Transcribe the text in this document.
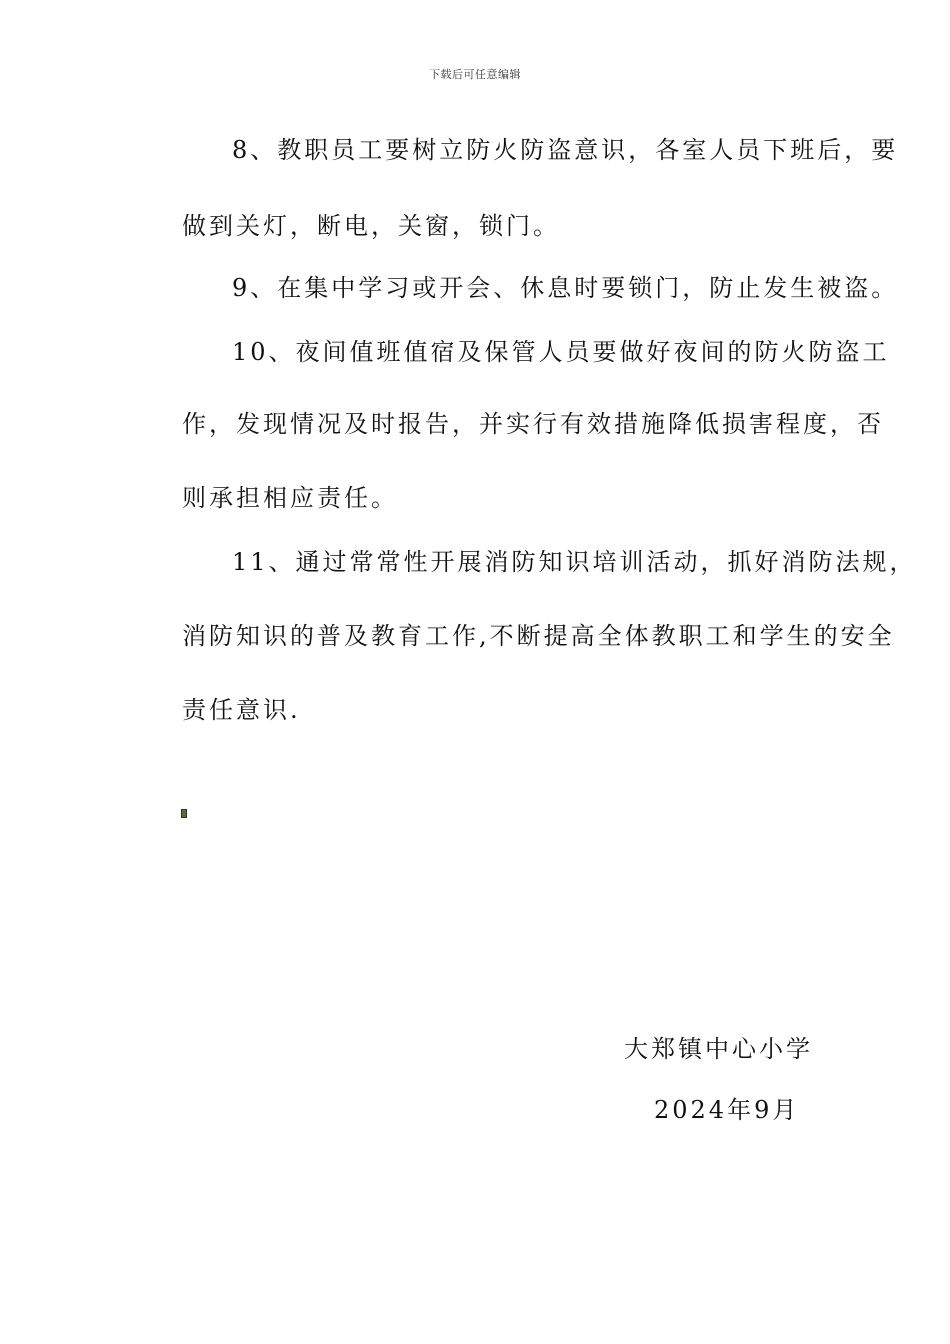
下载后可任意编辑
8、教职员工要树立防火防盗意识，各室人员下班后，要
做到关灯，断电，关窗，锁门。
9、在集中学习或开会、休息时要锁门，防止发生被盗。
10、夜间值班值宿及保管人员要做好夜间的防火防盗工
作，发现情况及时报告，并实行有效措施降低损害程度，否
则承担相应责任。
11、通过常常性开展消防知识培训活动，抓好消防法规，
消防知识的普及教育工作,不断提高全体教职工和学生的安全
责任意识.
大郑镇中心小学
2024年9月
